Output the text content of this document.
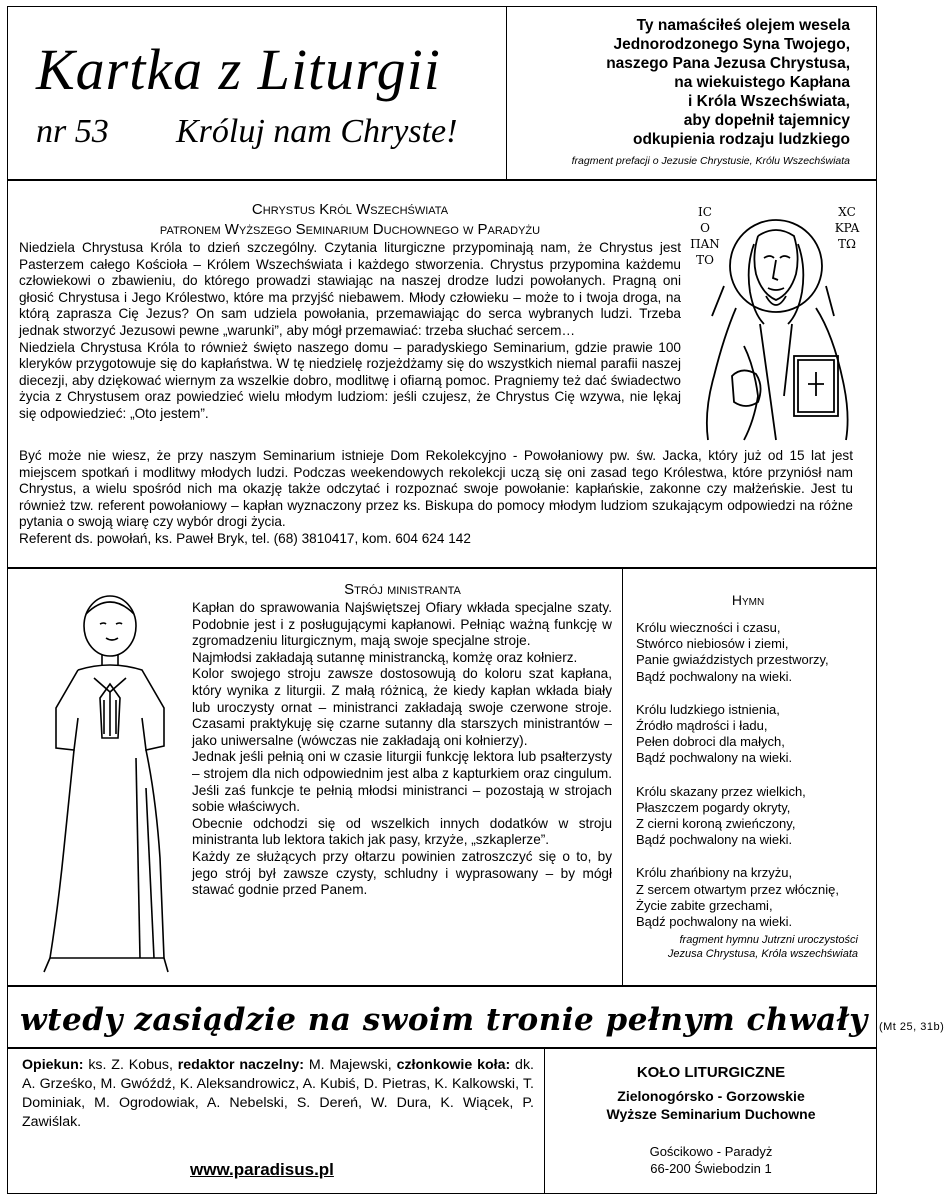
Kartka z Liturgii
nr 53 Króluj nam Chryste!
Ty namaściłeś olejem wesela
Jednorodzonego Syna Twojego,
naszego Pana Jezusa Chrystusa,
na wiekuistego Kapłana
i Króla Wszechświata,
aby dopełnił tajemnicy
odkupienia rodzaju ludzkiego
fragment prefacji o Jezusie Chrystusie, Królu Wszechświata
Chrystus Król Wszechświata
patronem Wyższego Seminarium Duchownego w Paradyżu
IC
O
ΠΑN
TO
XC
KPA
TΩ

Niedziela Chrystusa Króla to dzień szczególny. Czytania liturgiczne przypominają nam, że Chrystus jest Pasterzem całego Kościoła – Królem Wszechświata i każdego stworzenia. Chrystus przypomina każdemu człowiekowi o zbawieniu, do którego prowadzi stawiając na naszej drodze ludzi powołanych. Pragną oni głosić Chrystusa i Jego Królestwo, które ma przyjść niebawem. Młody człowieku – może to i twoja droga, na którą zaprasza Cię Jezus? On sam udziela powołania, przemawiając do serca wybranych ludzi. Trzeba jednak stworzyć Jezusowi pewne „warunki”, aby mógł przemawiać: trzeba słuchać sercem…

Niedziela Chrystusa Króla to również święto naszego domu – paradyskiego Seminarium, gdzie prawie 100 kleryków przygotowuje się do kapłaństwa. W tę niedzielę rozjeżdżamy się do wszystkich niemal parafii naszej diecezji, aby dziękować wiernym za wszelkie dobro, modlitwę i ofiarną pomoc. Pragniemy też dać świadectwo życia z Chrystusem oraz powiedzieć wielu młodym ludziom: jeśli czujesz, że Chrystus Cię wzywa, nie lękaj się odpowiedzieć: „Oto jestem”.

Być może nie wiesz, że przy naszym Seminarium istnieje Dom Rekolekcyjno - Powołaniowy pw. św. Jacka, który już od 15 lat jest miejscem spotkań i modlitwy młodych ludzi. Podczas weekendowych rekolekcji uczą się oni zasad tego Królestwa, które przyniósł nam Chrystus, a wielu spośród nich ma okazję także odczytać i rozpoznać swoje powołanie: kapłańskie, zakonne czy małżeńskie. Jest tu również tzw. referent powołaniowy – kapłan wyznaczony przez ks. Biskupa do pomocy młodym ludziom szukającym odpowiedzi na różne pytania o swoją wiarę czy wybór drogi życia.

Referent ds. powołań, ks. Paweł Bryk, tel. (68) 3810417, kom. 604 624 142

Strój ministranta

Kapłan do sprawowania Najświętszej Ofiary wkłada specjalne szaty. Podobnie jest i z posługującymi kapłanowi. Pełniąc ważną funkcję w zgromadzeniu liturgicznym, mają swoje specjalne stroje.

Najmłodsi zakładają sutannę ministrancką, komżę oraz kołnierz.

Kolor swojego stroju zawsze dostosowują do koloru szat kapłana, który wynika z liturgii. Z małą różnicą, że kiedy kapłan wkłada biały lub uroczysty ornat – ministranci zakładają swoje czerwone stroje. Czasami praktykuję się czarne sutanny dla starszych ministrantów – jako uniwersalne (wówczas nie zakładają oni kołnierzy).

Jednak jeśli pełnią oni w czasie liturgii funkcję lektora lub psałterzysty – strojem dla nich odpowiednim jest alba z kapturkiem oraz cingulum. Jeśli zaś funkcje te pełnią młodsi ministranci – pozostają w strojach sobie właściwych.

Obecnie odchodzi się od wszelkich innych dodatków w stroju ministranta lub lektora takich jak pasy, krzyże, „szkaplerze”.

Każdy ze służących przy ołtarzu powinien zatroszczyć się o to, by jego strój był zawsze czysty, schludny i wyprasowany – by mógł stawać godnie przed Panem.

Hymn
Królu wieczności i czasu,
Stwórco niebiosów i ziemi,
Panie gwiaździstych przestworzy,
Bądź pochwalony na wieki.
Królu ludzkiego istnienia,
Źródło mądrości i ładu,
Pełen dobroci dla małych,
Bądź pochwalony na wieki.
Królu skazany przez wielkich,
Płaszczem pogardy okryty,
Z cierni koroną zwieńczony,
Bądź pochwalony na wieki.
Królu zhańbiony na krzyżu,
Z sercem otwartym przez włócznię,
Życie zabite grzechami,
Bądź pochwalony na wieki.
fragment hymnu Jutrzni uroczystości
Jezusa Chrystusa, Króla wszechświata
wtedy zasiądzie na swoim tronie pełnym chwały (Mt 25, 31b)
Opiekun: ks. Z. Kobus, redaktor naczelny: M. Majewski, członkowie koła: dk. A. Grześko, M. Gwóźdź, K. Aleksandrowicz, A. Kubiś, D. Pietras, K. Kalkowski, T. Dominiak, M. Ogrodowiak, A. Nebelski, S. Dereń, W. Dura, K. Wiącek, P. Zawiślak.
www.paradisus.pl
KOŁO LITURGICZNE
Zielonogórsko - Gorzowskie
Wyższe Seminarium Duchowne
Gościkowo - Paradyż
66-200 Świebodzin 1
